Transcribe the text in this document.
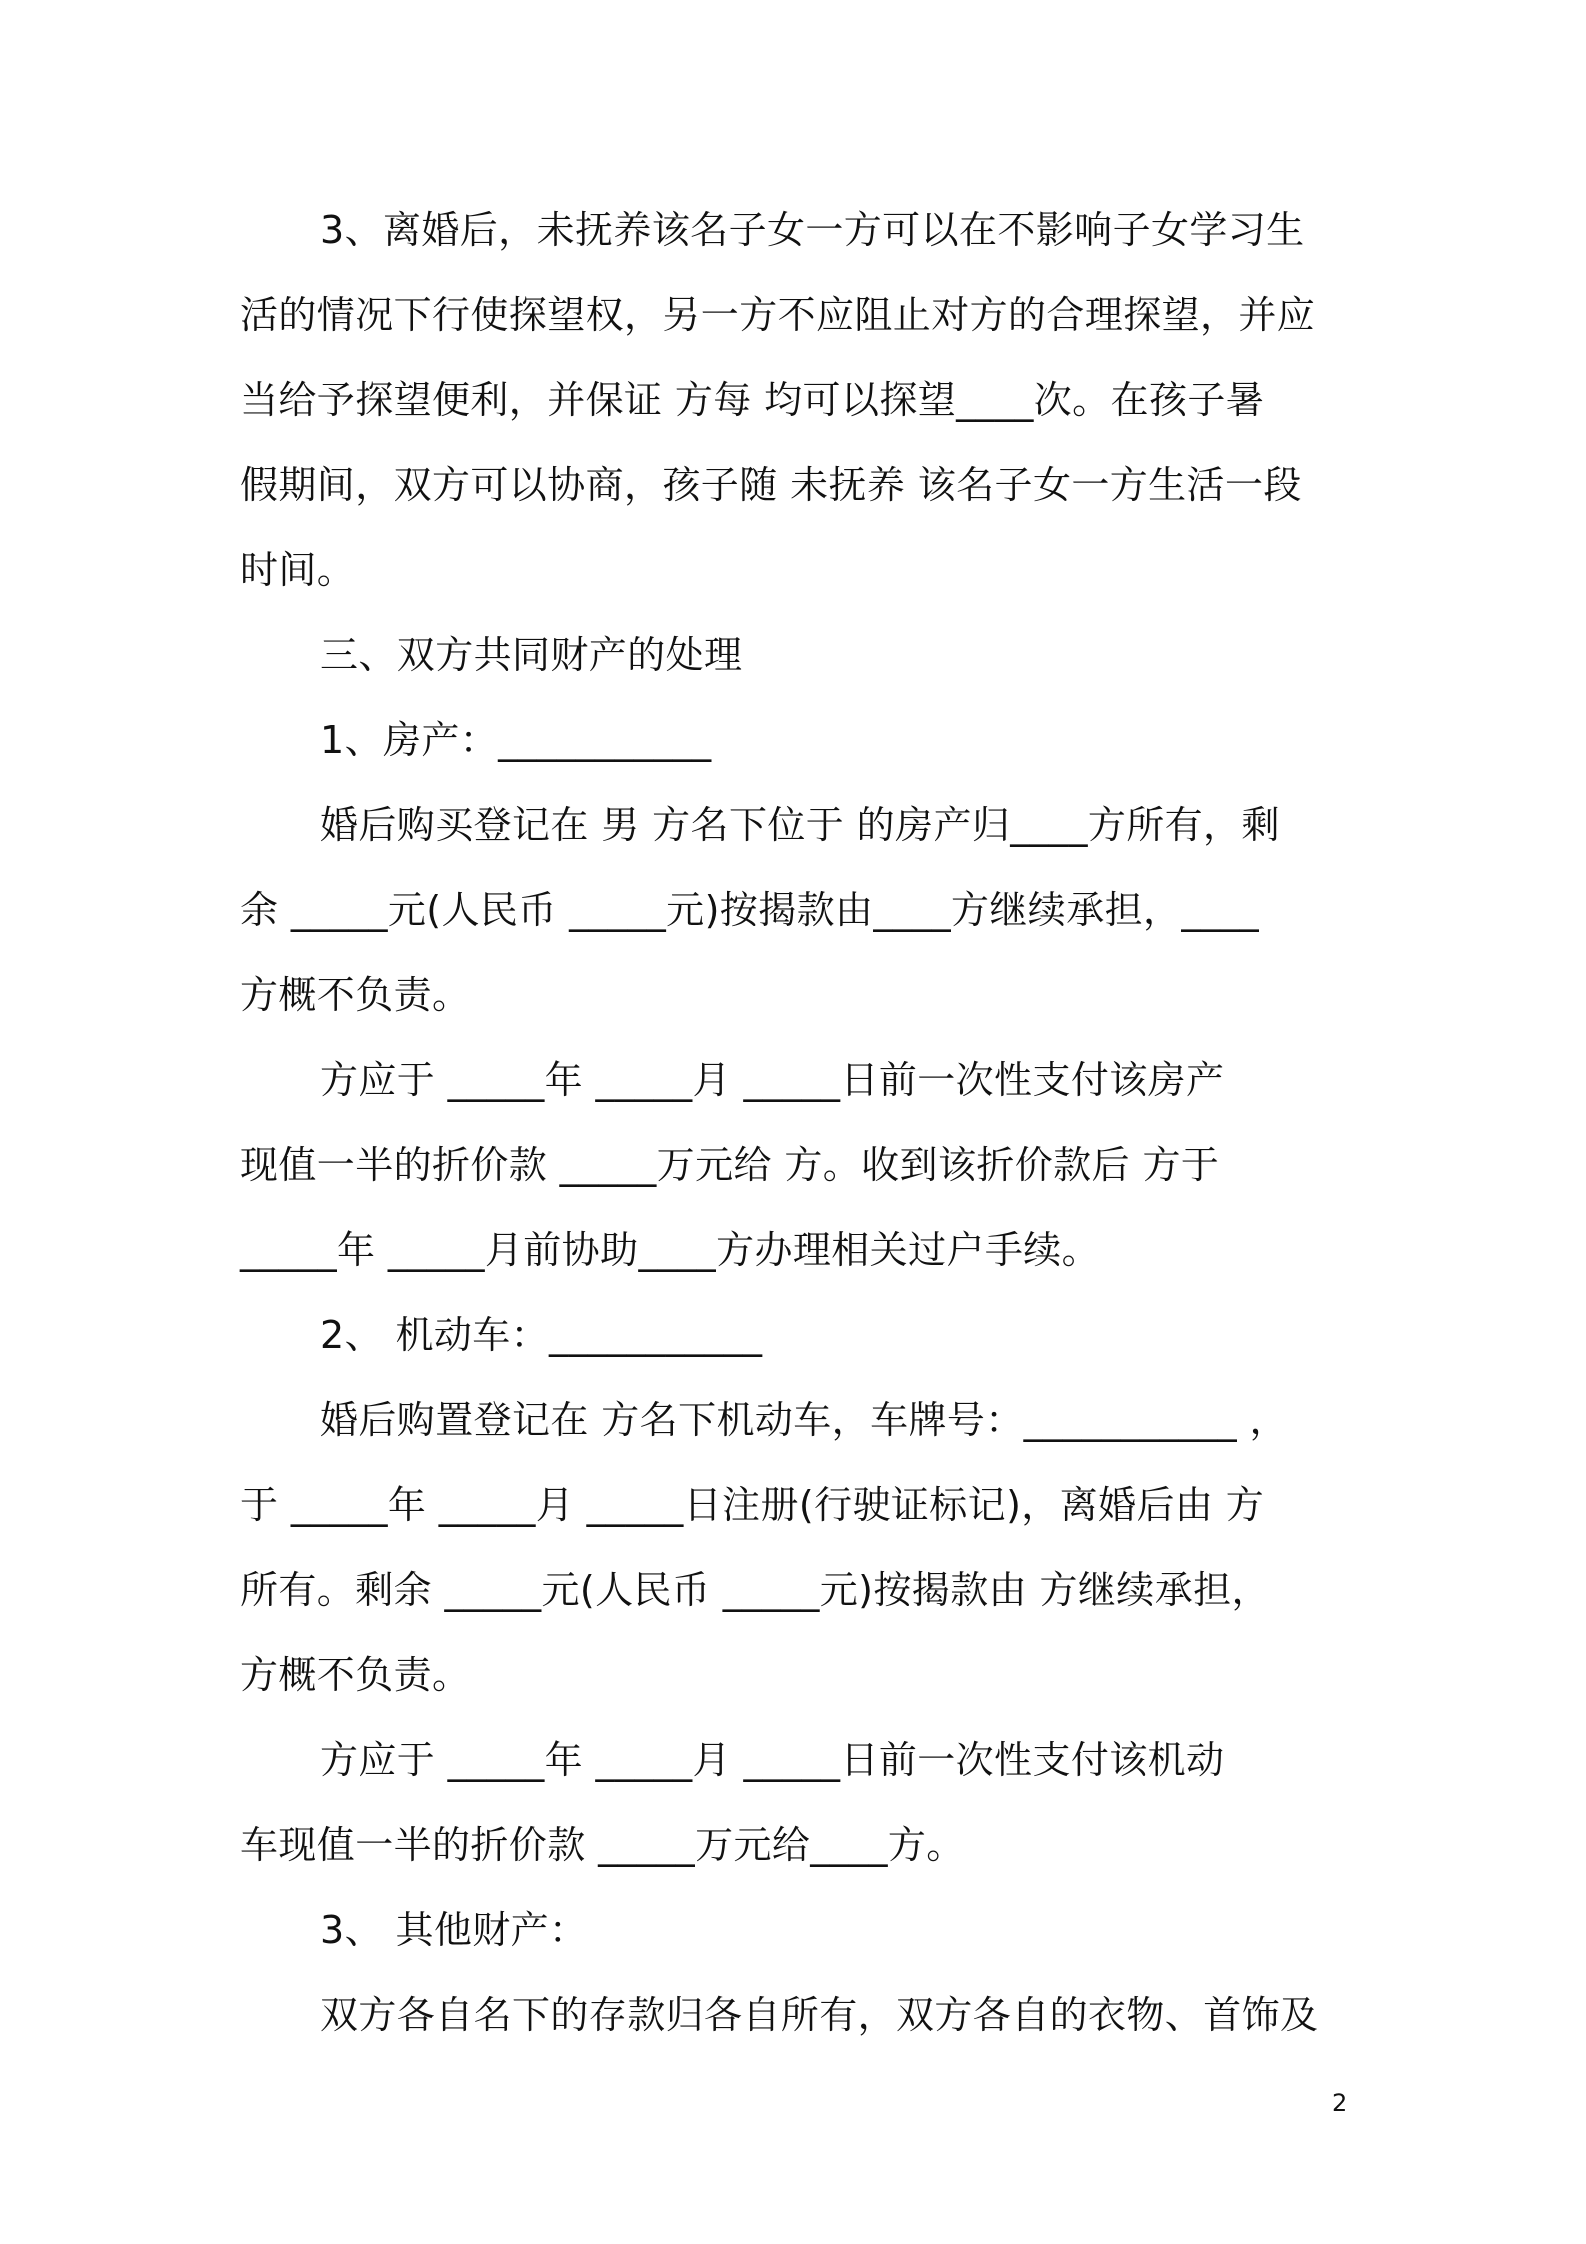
3、离婚后，未抚养该名子女一方可以在不影响子女学习生
活的情况下行使探望权，另一方不应阻止对方的合理探望，并应
当给予探望便利，并保证 方每 均可以探望____次。在孩子暑
假期间，双方可以协商，孩子随 未抚养 该名子女一方生活一段
时间。
三、双方共同财产的处理
1、房产：___________
婚后购买登记在 男 方名下位于 的房产归____方所有，剩
余 _____元(人民币 _____元)按揭款由____方继续承担，____
方概不负责。
方应于 _____年 _____月 _____日前一次性支付该房产
现值一半的折价款 _____万元给 方。收到该折价款后 方于
_____年 _____月前协助____方办理相关过户手续。
2、 机动车：___________
婚后购置登记在 方名下机动车，车牌号：___________ ，
于 _____年 _____月 _____日注册(行驶证标记)，离婚后由 方
所有。剩余 _____元(人民币 _____元)按揭款由 方继续承担，
方概不负责。
方应于 _____年 _____月 _____日前一次性支付该机动
车现值一半的折价款 _____万元给____方。
3、 其他财产：
双方各自名下的存款归各自所有，双方各自的衣物、首饰及
2
